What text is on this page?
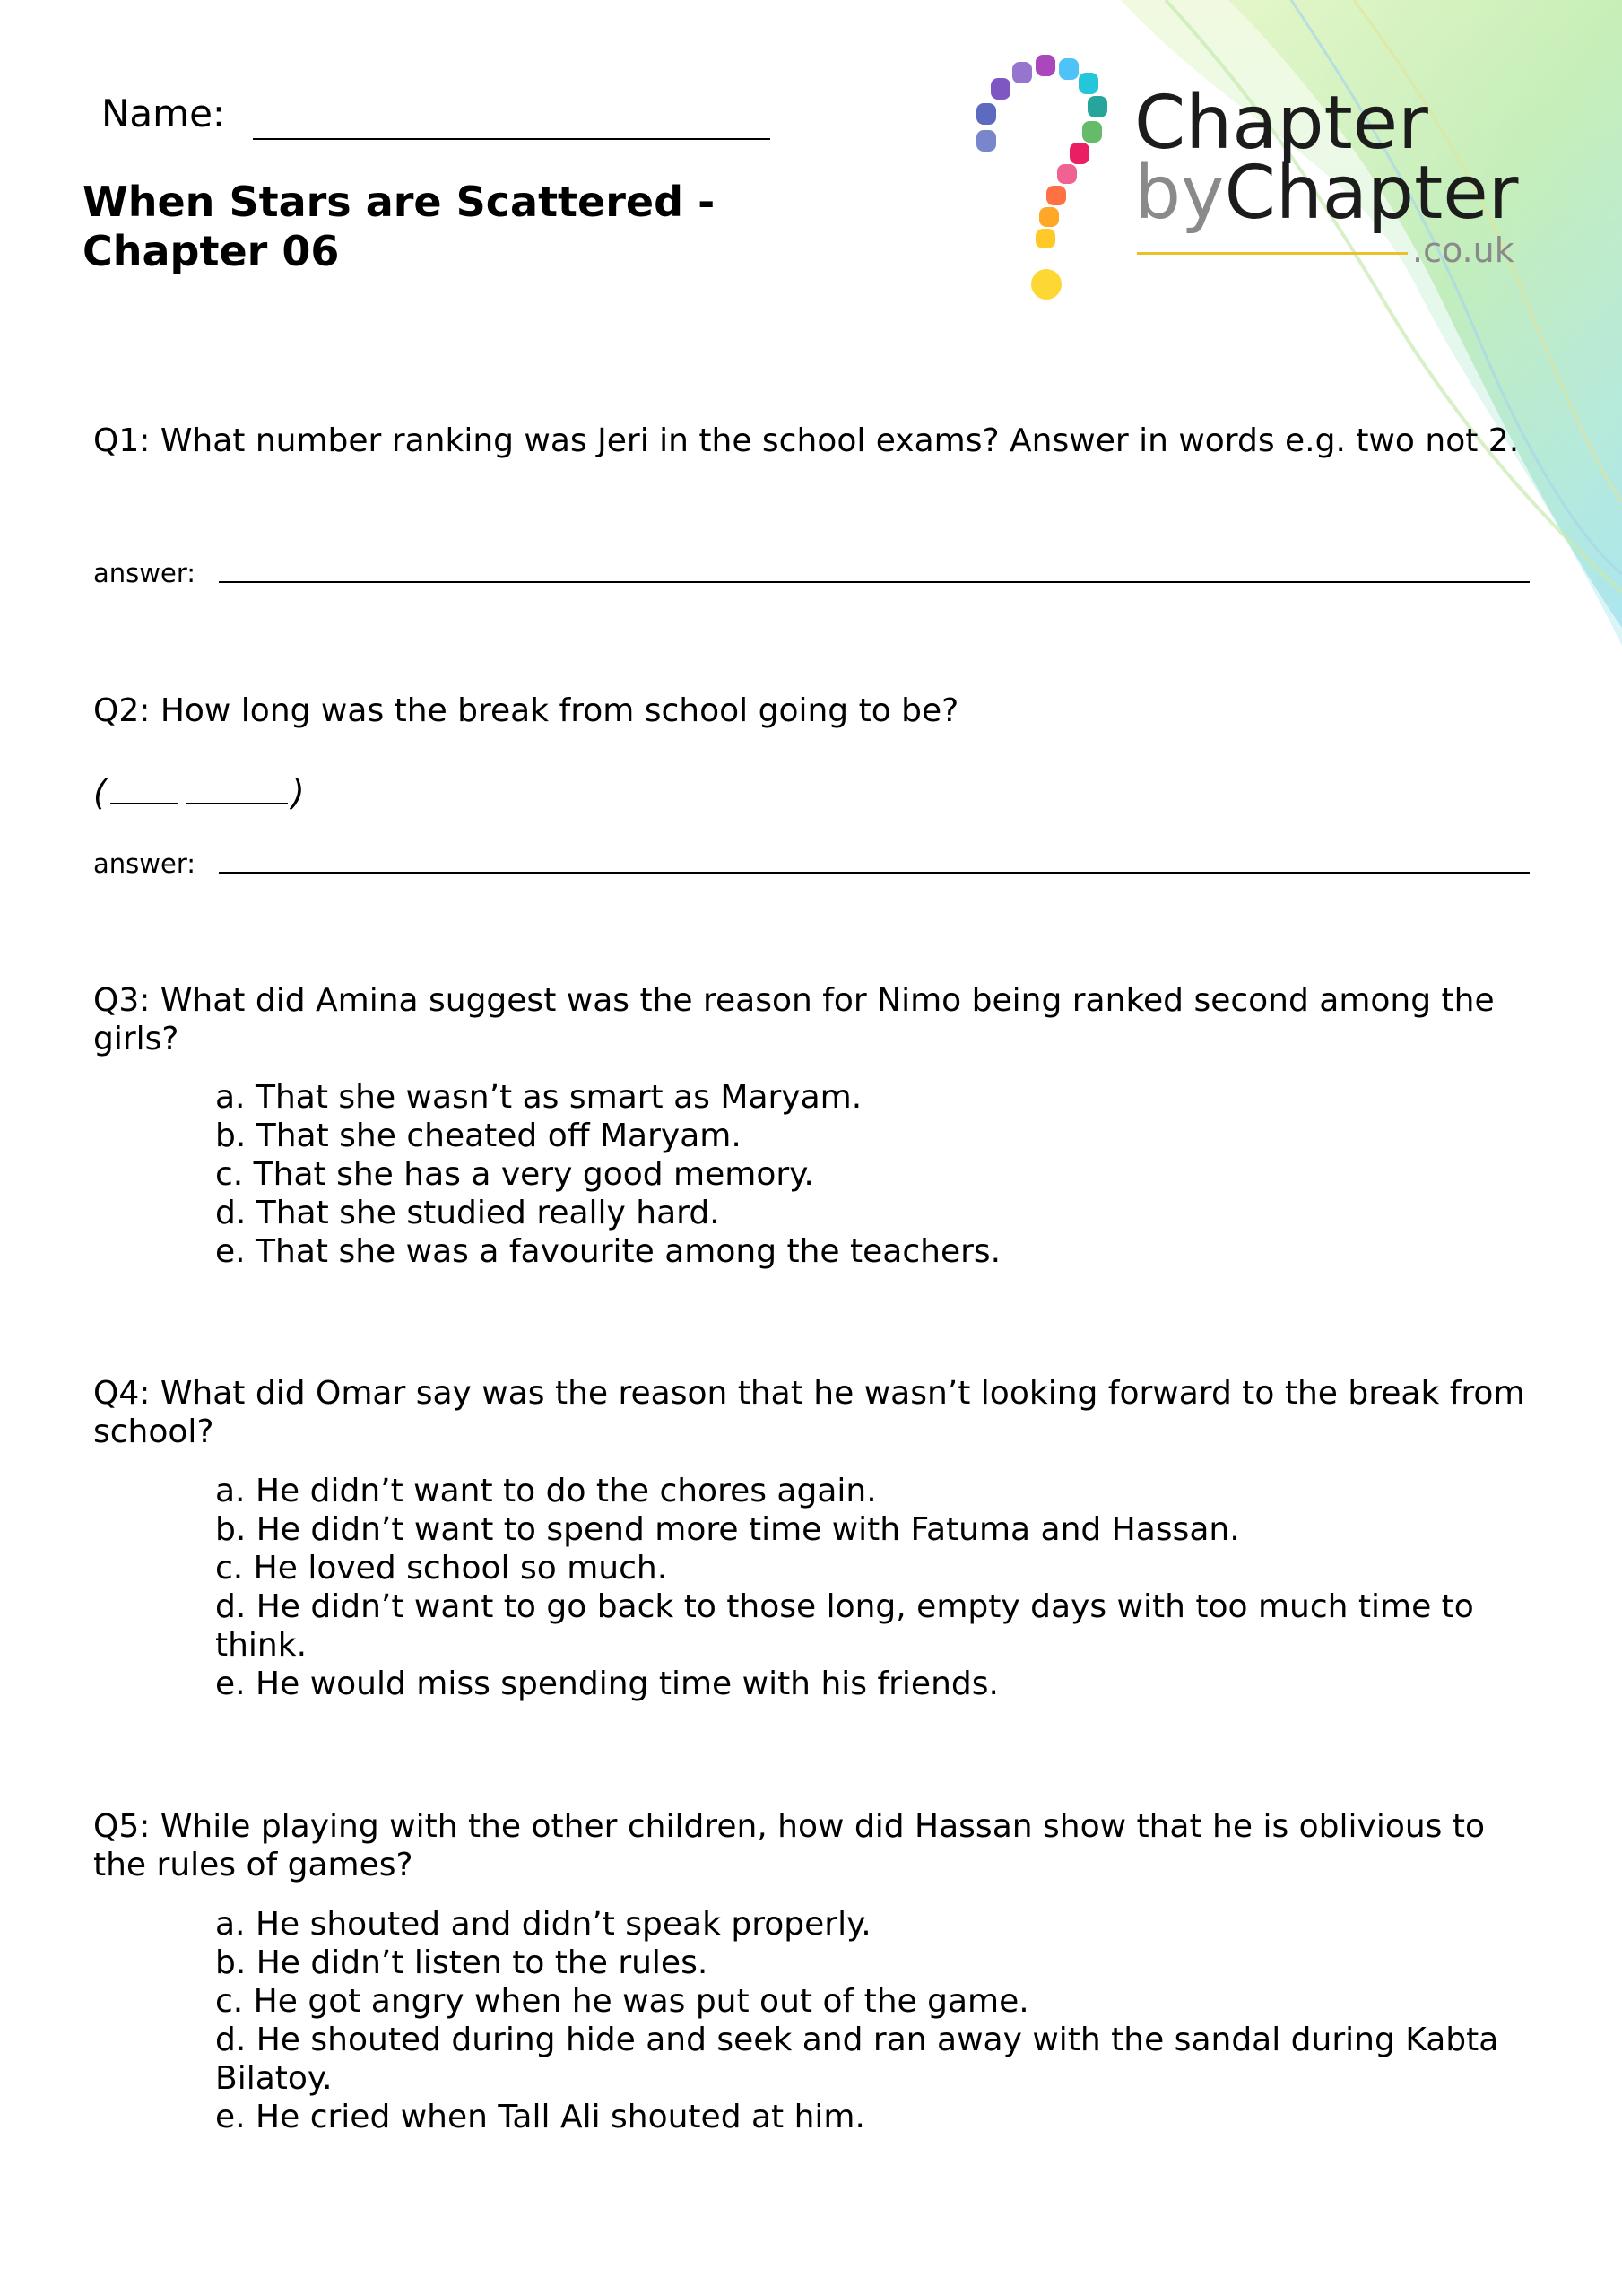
Chapter
byChapter
.co.uk
Name:
When Stars are Scattered - Chapter 06
Q1: What number ranking was Jeri in the school exams? Answer in words e.g. two not 2.
answer:
Q2: How long was the break from school going to be?
(	)
answer:
Q3: What did Amina suggest was the reason for Nimo being ranked second among the girls?
a. That she wasn’t as smart as Maryam.
b. That she cheated off Maryam.
c. That she has a very good memory.
d. That she studied really hard.
e. That she was a favourite among the teachers.
Q4: What did Omar say was the reason that he wasn’t looking forward to the break from school?
a. He didn’t want to do the chores again.
b. He didn’t want to spend more time with Fatuma and Hassan.
c. He loved school so much.
d. He didn’t want to go back to those long, empty days with too much time to think.
e. He would miss spending time with his friends.
Q5: While playing with the other children, how did Hassan show that he is oblivious to the rules of games?
a. He shouted and didn’t speak properly.
b. He didn’t listen to the rules.
c. He got angry when he was put out of the game.
d. He shouted during hide and seek and ran away with the sandal during Kabta Bilatoy.
e. He cried when Tall Ali shouted at him.
